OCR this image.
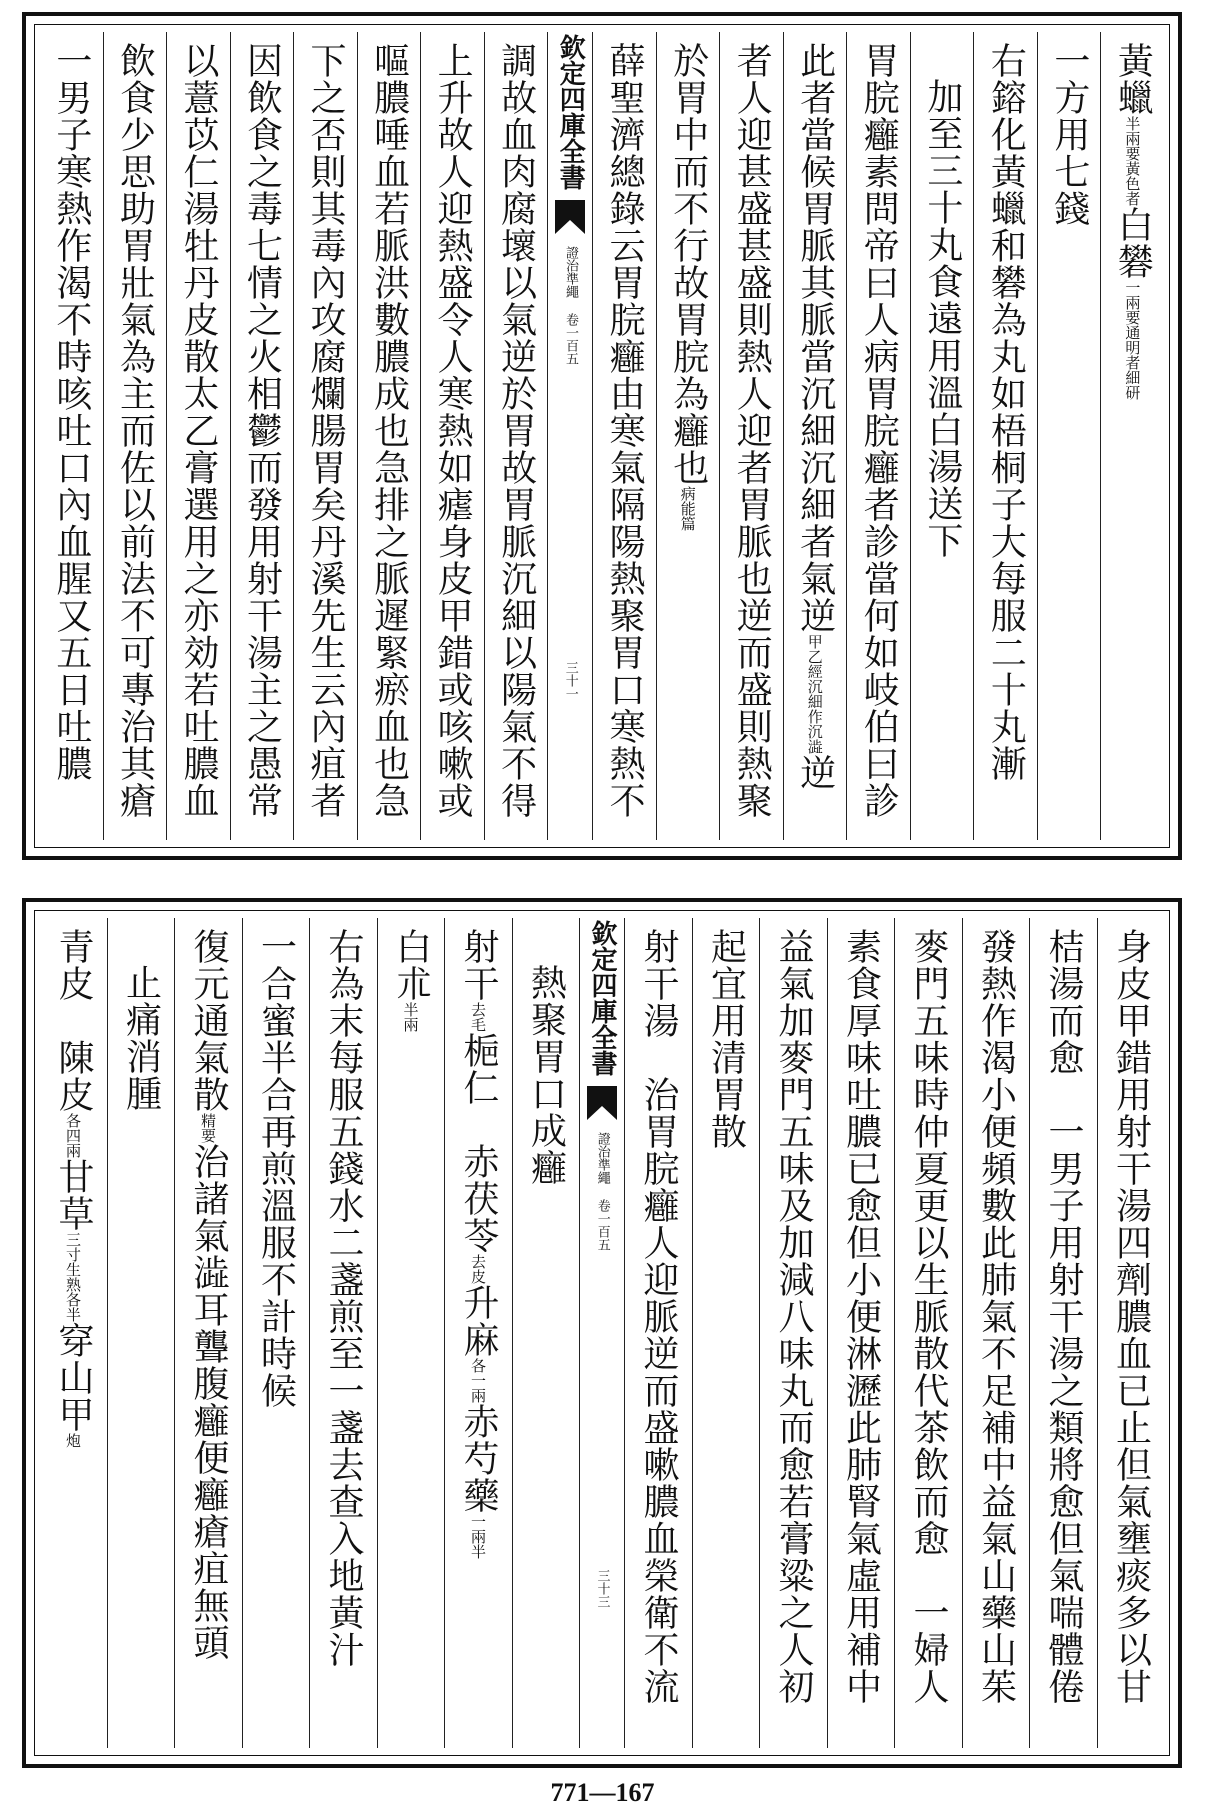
黃蠟半兩要黃色者白礬一兩要通明者細研
一方用七錢
右鎔化黃蠟和礬為丸如梧桐子大每服二十丸漸
加至三十丸食遠用溫白湯送下
胃脘癰素問帝曰人病胃脘癰者診當何如岐伯曰診
此者當候胃脈其脈當沉細沉細者氣逆甲乙經沉細作沉澁逆
者人迎甚盛甚盛則熱人迎者胃脈也逆而盛則熱聚
於胃中而不行故胃脘為癰也病能篇
薛聖濟總錄云胃脘癰由寒氣隔陽熱聚胃口寒熱不
欽定四庫全書
證治準繩 卷一百五
三十一
調故血肉腐壞以氣逆於胃故胃脈沉細以陽氣不得
上升故人迎熱盛令人寒熱如瘧身皮甲錯或咳嗽或
嘔膿唾血若脈洪數膿成也急排之脈遲緊瘀血也急
下之否則其毒內攻腐爛腸胃矣丹溪先生云內疽者
因飲食之毒七情之火相鬱而發用射干湯主之愚常
以薏苡仁湯牡丹皮散太乙膏選用之亦効若吐膿血
飲食少思助胃壯氣為主而佐以前法不可專治其瘡
一男子寒熱作渴不時咳吐口內血腥又五日吐膿
身皮甲錯用射干湯四劑膿血已止但氣壅痰多以甘
桔湯而愈　一男子用射干湯之類將愈但氣喘體倦
發熱作渴小便頻數此肺氣不足補中益氣山藥山茱
麥門五味時仲夏更以生脈散代茶飲而愈　一婦人
素食厚味吐膿已愈但小便淋瀝此肺腎氣虛用補中
益氣加麥門五味及加減八味丸而愈若膏粱之人初
起宜用清胃散
射干湯　治胃脘癰人迎脈逆而盛嗽膿血榮衛不流
欽定四庫全書
證治準繩 卷一百五
三十三
熱聚胃口成癰
射干去毛梔仁　赤茯苓去皮升麻各一兩赤芍藥一兩半
白朮半兩
右為末每服五錢水二盞煎至一盞去查入地黃汁
一合蜜半合再煎溫服不計時候
復元通氣散精要治諸氣澁耳聾腹癰便癰瘡疽無頭
止痛消腫
青皮　陳皮各四兩甘草三寸生熟各半穿山甲炮
771—167
